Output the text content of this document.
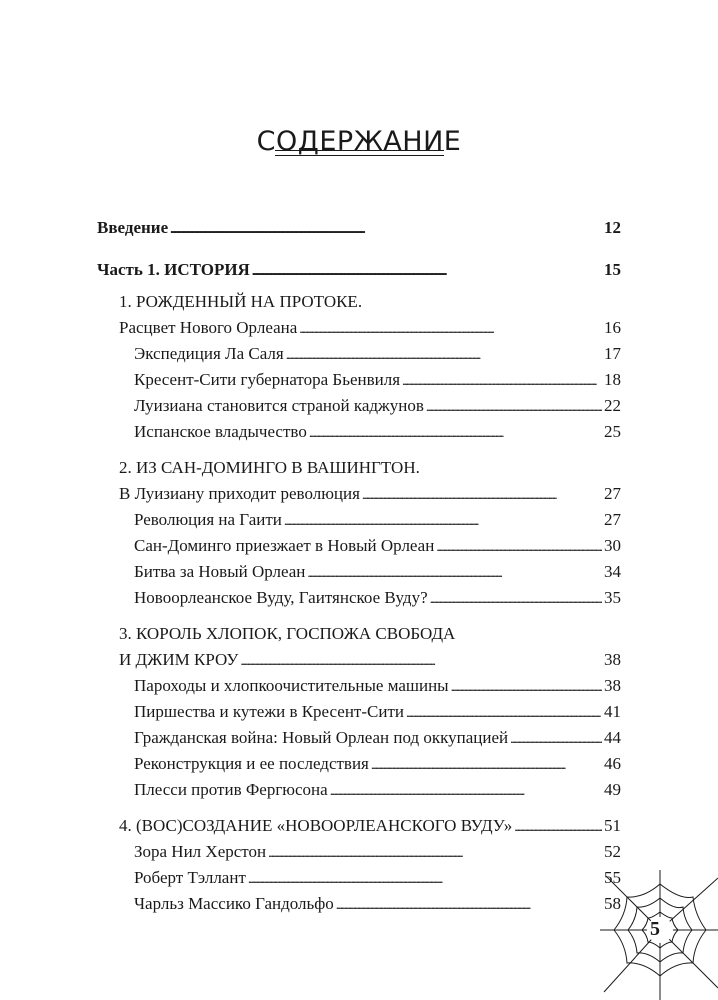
СОДЕРЖАНИЕ
Введение . . .	12
Часть 1. ИСТОРИЯ . . .	15
1. РОЖДЕННЫЙ НА ПРОТОКЕ.
Расцвет Нового Орлеана . . .	16
Экспедиция Ла Саля . . .	17
Кресент-Сити губернатора Бьенвиля . . .	18
Луизиана становится страной каджунов . . .	22
Испанское владычество . . .	25
2. ИЗ САН-ДОМИНГО В ВАШИНГТОН.
В Луизиану приходит революция . . .	27
Революция на Гаити . . .	27
Сан-Доминго приезжает в Новый Орлеан . . .	30
Битва за Новый Орлеан . . .	34
Новоорлеанское Вуду, Гаитянское Вуду? . . .	35
3. КОРОЛЬ ХЛОПОК, ГОСПОЖА СВОБОДА
И ДЖИМ КРОУ . . .	38
Пароходы и хлопкоочистительные машины . . .	38
Пиршества и кутежи в Кресент-Сити . . .	41
Гражданская война: Новый Орлеан под оккупацией . . .	44
Реконструкция и ее последствия . . .	46
Плесси против Фергюсона . . .	49
4. (ВОС)СОЗДАНИЕ «НОВООРЛЕАНСКОГО ВУДУ» . . .	51
Зора Нил Херстон . . .	52
Роберт Тэллант . . .	55
Чарльз Массико Гандольфо . . .	58
5
